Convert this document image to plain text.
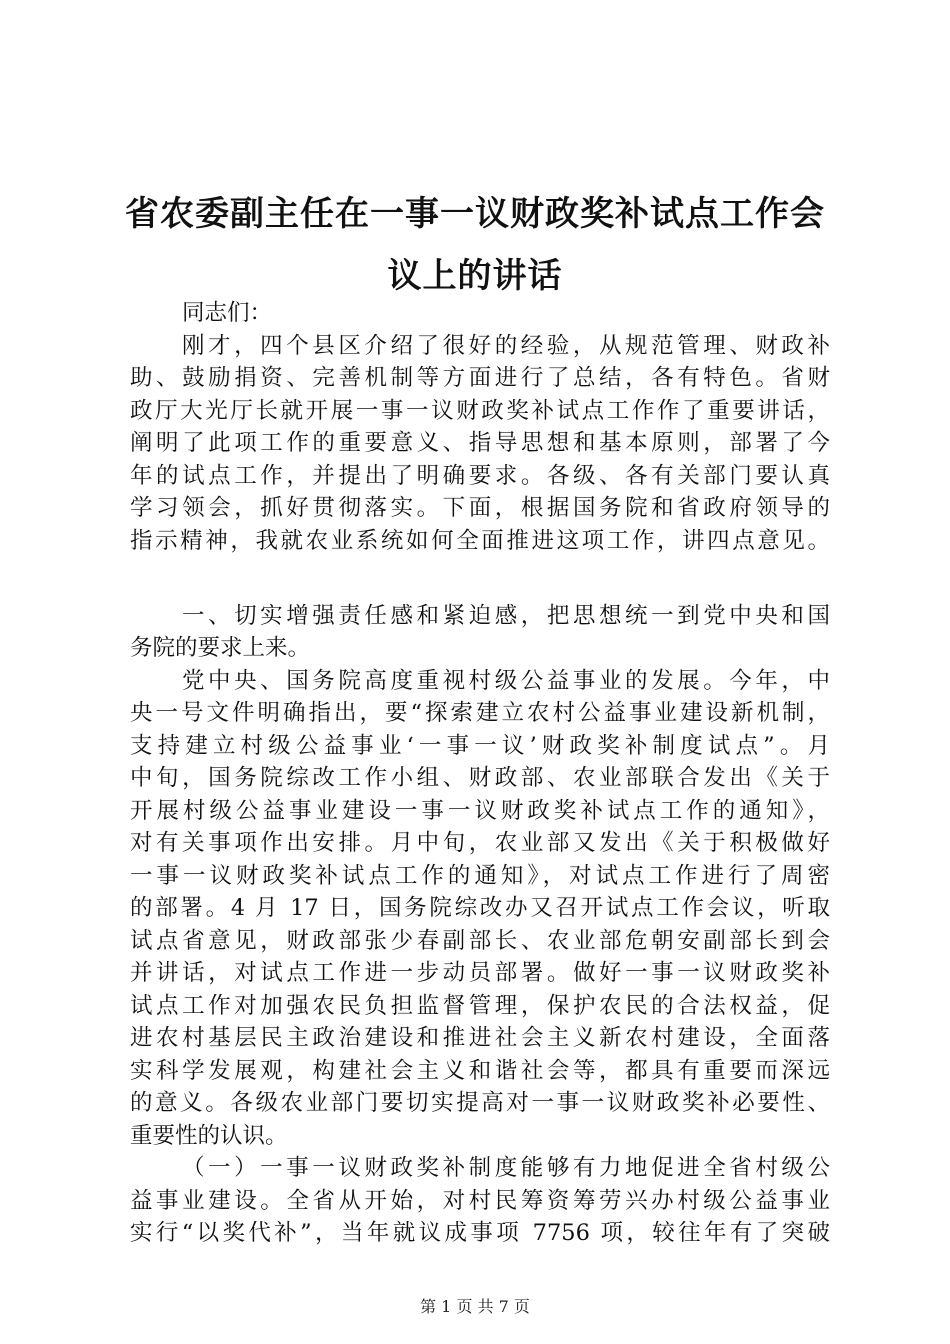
省农委副主任在一事一议财政奖补试点工作会
议上的讲话
同志们：
刚才，四个县区介绍了很好的经验，从规范管理、财政补
助、鼓励捐资、完善机制等方面进行了总结，各有特色。省财
政厅大光厅长就开展一事一议财政奖补试点工作作了重要讲话，
阐明了此项工作的重要意义、指导思想和基本原则，部署了今
年的试点工作，并提出了明确要求。各级、各有关部门要认真
学习领会，抓好贯彻落实。下面，根据国务院和省政府领导的
指示精神，我就农业系统如何全面推进这项工作，讲四点意见。
一、切实增强责任感和紧迫感，把思想统一到党中央和国
务院的要求上来。
党中央、国务院高度重视村级公益事业的发展。今年，中
央一号文件明确指出，要“探索建立农村公益事业建设新机制，
支持建立村级公益事业‘一事一议’财政奖补制度试点”。月
中旬，国务院综改工作小组、财政部、农业部联合发出《关于
开展村级公益事业建设一事一议财政奖补试点工作的通知》，
对有关事项作出安排。月中旬，农业部又发出《关于积极做好
一事一议财政奖补试点工作的通知》，对试点工作进行了周密
的部署。4 月 17 日，国务院综改办又召开试点工作会议，听取
试点省意见，财政部张少春副部长、农业部危朝安副部长到会
并讲话，对试点工作进一步动员部署。做好一事一议财政奖补
试点工作对加强农民负担监督管理，保护农民的合法权益，促
进农村基层民主政治建设和推进社会主义新农村建设，全面落
实科学发展观，构建社会主义和谐社会等，都具有重要而深远
的意义。各级农业部门要切实提高对一事一议财政奖补必要性、
重要性的认识。
（一）一事一议财政奖补制度能够有力地促进全省村级公
益事业建设。全省从开始，对村民筹资筹劳兴办村级公益事业
实行“以奖代补”，当年就议成事项 7756 项，较往年有了突破
第 1 页 共 7 页
